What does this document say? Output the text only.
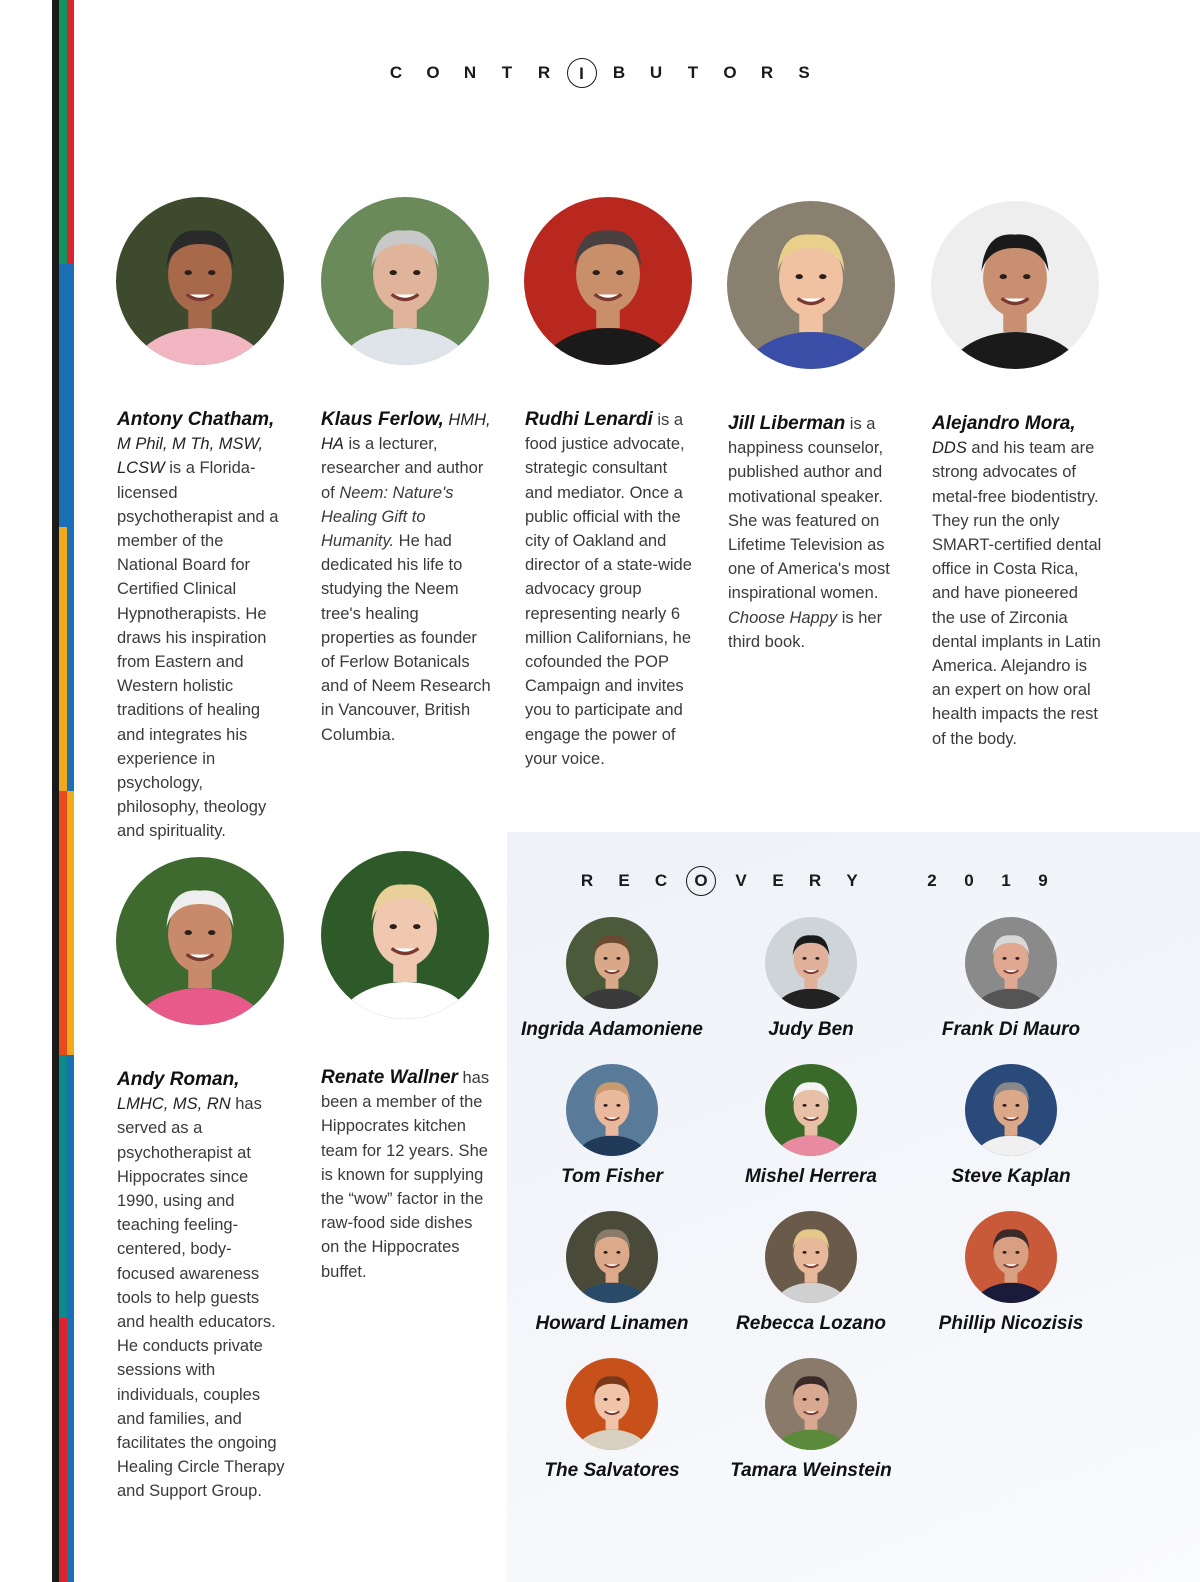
C	O	N	T	R	I	B	U	T	O	R	S
Antony Chatham, M Phil, M Th, MSW, LCSW is a Florida-licensed psychotherapist and a member of the National Board for Certified Clinical Hypnotherapists. He draws his inspiration from Eastern and Western holistic traditions of healing and integrates his experience in psychology, philosophy, theology and spirituality.
Klaus Ferlow, HMH, HA is a lecturer, researcher and author of Neem: Nature's Healing Gift to Humanity. He had dedicated his life to studying the Neem tree's healing properties as founder of Ferlow Botanicals and of Neem Research in Vancouver, British Columbia.
Rudhi Lenardi is a food justice advocate, strategic consultant and mediator. Once a public official with the city of Oakland and director of a state-wide advocacy group representing nearly 6 million Californians, he cofounded the POP Campaign and invites you to participate and engage the power of your voice.
Jill Liberman is a happiness counselor, published author and motivational speaker. She was featured on Lifetime Television as one of America's most inspirational women. Choose Happy is her third book.
Alejandro Mora, DDS and his team are strong advocates of metal-free biodentistry. They run the only SMART-certified dental office in Costa Rica, and have pioneered the use of Zirconia dental implants in Latin America. Alejandro is an expert on how oral health impacts the rest of the body.
Andy Roman, LMHC, MS, RN has served as a psychotherapist at Hippocrates since 1990, using and teaching feeling-centered, body-focused awareness tools to help guests and health educators. He conducts private sessions with individuals, couples and families, and facilitates the ongoing Healing Circle Therapy and Support Group.
Renate Wallner has been a member of the Hippocrates kitchen team for 12 years. She is known for supplying the “wow” factor in the raw-food side dishes on the Hippocrates buffet.
R	E	C	O	V	E	R	Y	2	0	1	9
Ingrida Adamoniene	Judy Ben	Frank Di Mauro
Tom Fisher	Mishel Herrera	Steve Kaplan
Howard Linamen	Rebecca Lozano	Phillip Nicozisis
The Salvatores	Tamara Weinstein
